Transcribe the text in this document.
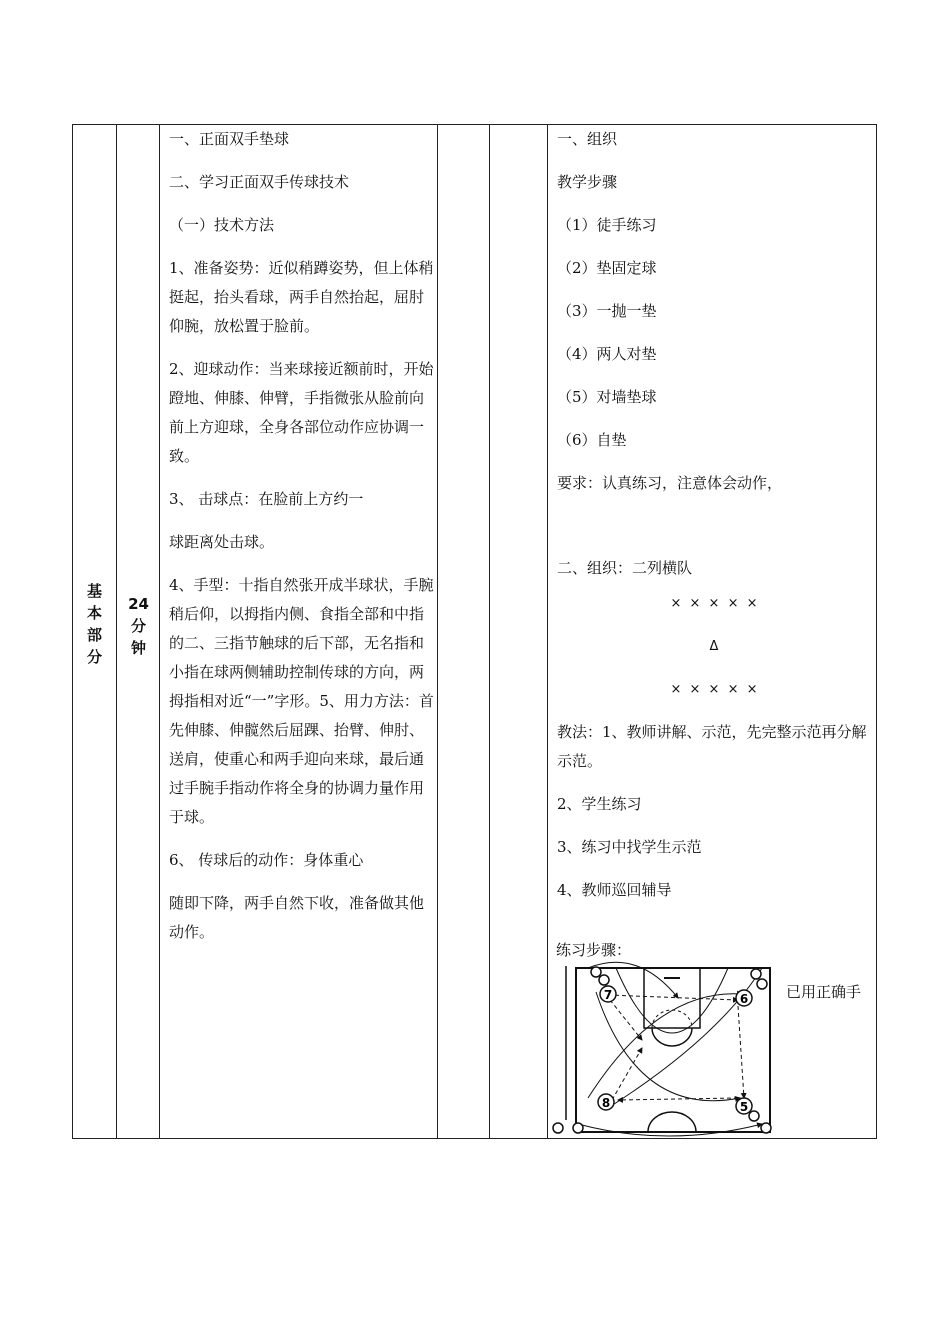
基
本
部
分
24
分
钟

一、正面双手垫球

二、学习正面双手传球技术

（一）技术方法

1、准备姿势：近似稍蹲姿势，但上体稍挺起，抬头看球，两手自然抬起，屈肘仰腕，放松置于脸前。

2、迎球动作：当来球接近额前时，开始蹬地、伸膝、伸臂，手指微张从脸前向前上方迎球，全身各部位动作应协调一致。

3、 击球点：在脸前上方约一

球距离处击球。

4、手型：十指自然张开成半球状，手腕稍后仰，以拇指内侧、食指全部和中指的二、三指节触球的后下部，无名指和小指在球两侧辅助控制传球的方向，两拇指相对近“一”字形。5、用力方法：首先伸膝、伸髋然后屈踝、抬臂、伸肘、送肩，使重心和两手迎向来球，最后通过手腕手指动作将全身的协调力量作用于球。

6、 传球后的动作：身体重心

随即下降，两手自然下收，准备做其他动作。

一、组织

教学步骤

（1）徒手练习

（2）垫固定球

（3）一抛一垫

（4）两人对垫

（5）对墙垫球

（6）自垫

要求：认真练习，注意体会动作，

二、组织：二列横队

× × × × ×

Δ

× × × × ×

教法：1、教师讲解、示范，先完整示范再分解示范。

2、学生练习

3、练习中找学生示范

4、教师巡回辅导

练习步骤：
已用正确手
7	6
8	5
